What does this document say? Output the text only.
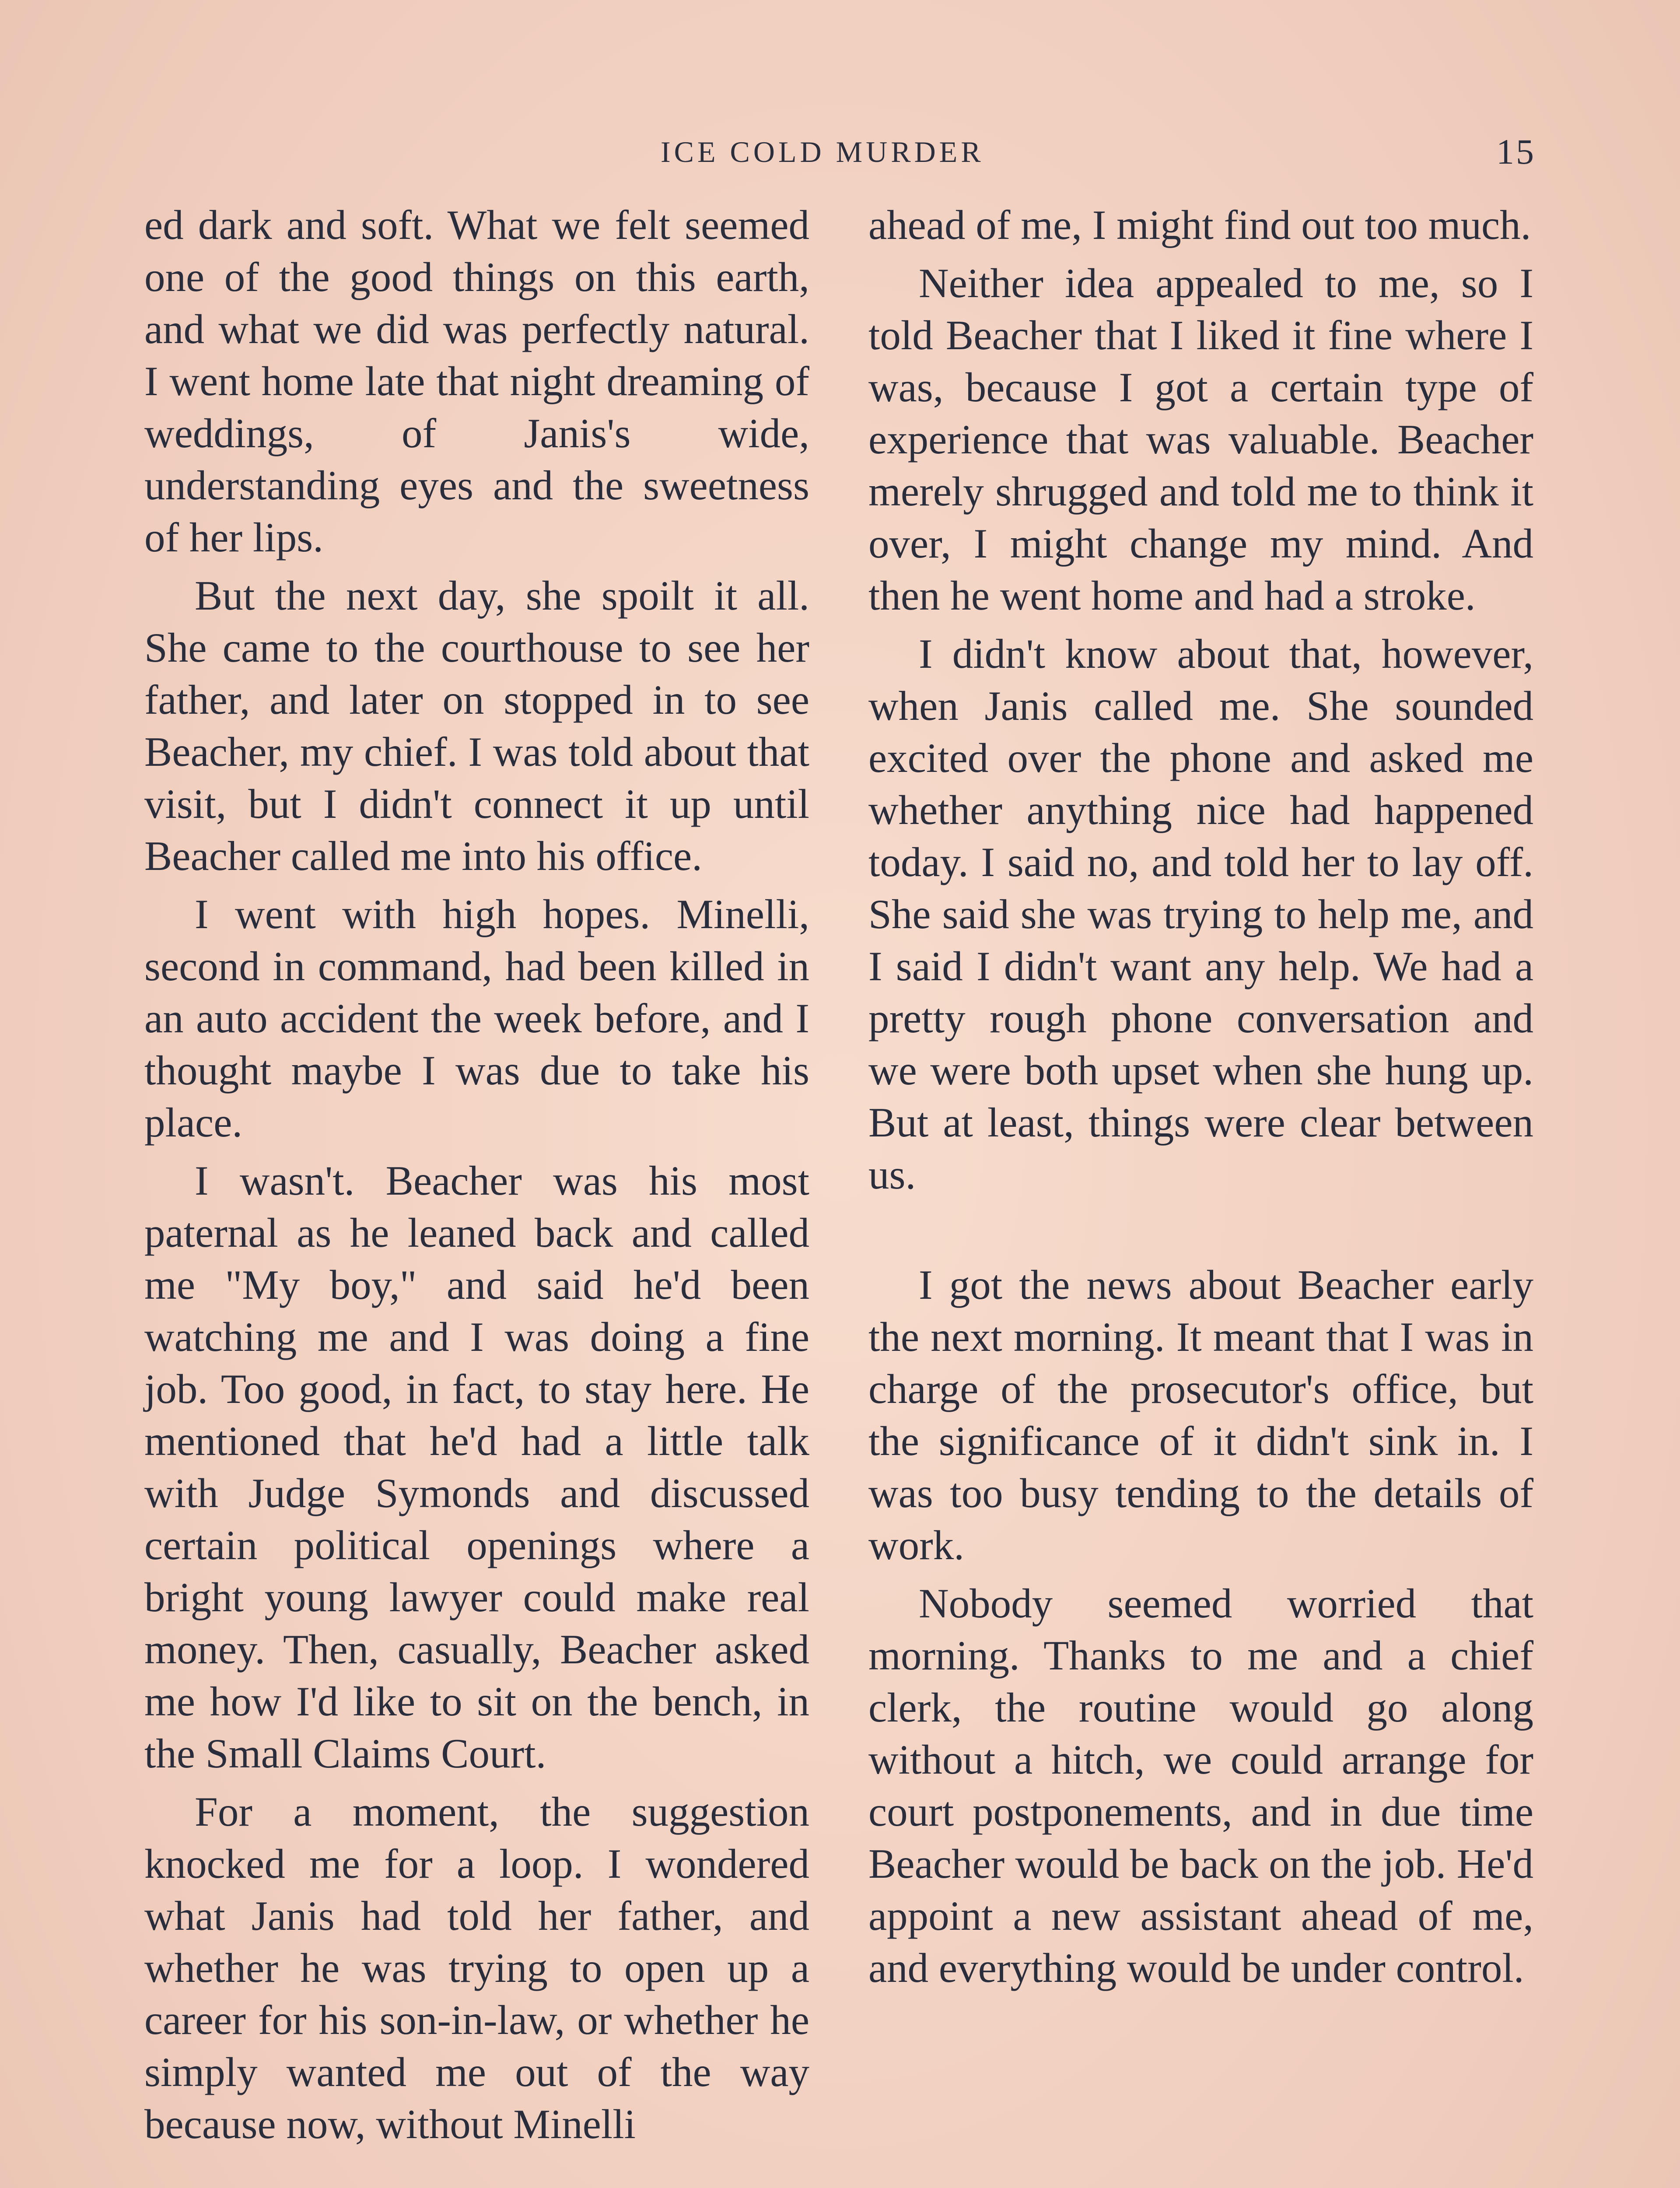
ICE COLD MURDER	15

ed dark and soft. What we felt seemed one of the good things on this earth, and what we did was perfectly natural. I went home late that night dreaming of weddings, of Janis's wide, understanding eyes and the sweetness of her lips.

But the next day, she spoilt it all. She came to the courthouse to see her father, and later on stopped in to see Beacher, my chief. I was told about that visit, but I didn't connect it up until Beacher called me into his office.

I went with high hopes. Minelli, second in command, had been killed in an auto accident the week before, and I thought maybe I was due to take his place.

I wasn't. Beacher was his most paternal as he leaned back and called me "My boy," and said he'd been watching me and I was doing a fine job. Too good, in fact, to stay here. He mentioned that he'd had a little talk with Judge Symonds and discussed certain political openings where a bright young lawyer could make real money. Then, casually, Beacher asked me how I'd like to sit on the bench, in the Small Claims Court.

For a moment, the suggestion knocked me for a loop. I wondered what Janis had told her father, and whether he was trying to open up a career for his son-in-law, or whether he simply wanted me out of the way because now, without Minelli

ahead of me, I might find out too much.

Neither idea appealed to me, so I told Beacher that I liked it fine where I was, because I got a certain type of experience that was valuable. Beacher merely shrugged and told me to think it over, I might change my mind. And then he went home and had a stroke.

I didn't know about that, however, when Janis called me. She sounded excited over the phone and asked me whether anything nice had happened today. I said no, and told her to lay off. She said she was trying to help me, and I said I didn't want any help. We had a pretty rough phone conversation and we were both upset when she hung up. But at least, things were clear between us.

I got the news about Beacher early the next morning. It meant that I was in charge of the prosecutor's office, but the significance of it didn't sink in. I was too busy tending to the details of work.

Nobody seemed worried that morning. Thanks to me and a chief clerk, the routine would go along without a hitch, we could arrange for court postponements, and in due time Beacher would be back on the job. He'd appoint a new assistant ahead of me, and everything would be under control.
